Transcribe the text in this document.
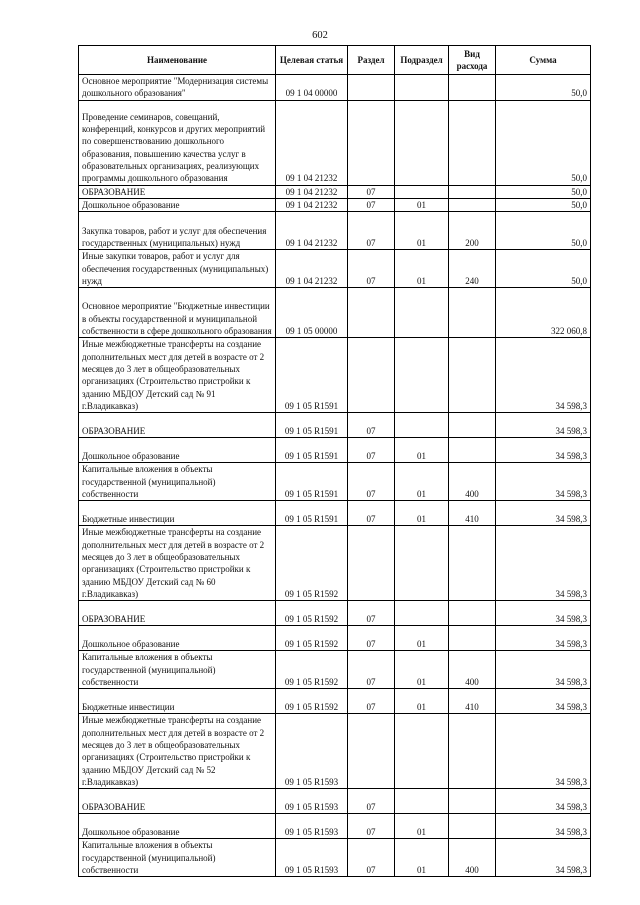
602
Наименование	Целевая статья	Раздел	Подраздел	Вид расхода	Сумма
Основное мероприятие "Модернизация системы дошкольного образования"	09 1 04 00000				50,0
Проведение семинаров, совещаний, конференций, конкурсов и других мероприятий по совершенствованию дошкольного образования, повышению качества услуг в образовательных организациях, реализующих программы дошкольного образования	09 1 04 21232				50,0
ОБРАЗОВАНИЕ	09 1 04 21232	07			50,0
Дошкольное образование	09 1 04 21232	07	01		50,0
Закупка товаров, работ и услуг для обеспечения государственных (муниципальных) нужд	09 1 04 21232	07	01	200	50,0
Иные закупки товаров, работ и услуг для обеспечения государственных (муниципальных) нужд	09 1 04 21232	07	01	240	50,0
Основное мероприятие "Бюджетные инвестиции в объекты государственной и муниципальной собственности в сфере дошкольного образования	09 1 05 00000				322 060,8
Иные межбюджетные трансферты на создание дополнительных мест для детей в возрасте от 2 месяцев до 3 лет в общеобразовательных организациях (Строительство пристройки к зданию МБДОУ Детский сад № 91 г.Владикавказ)	09 1 05 R1591				34 598,3
ОБРАЗОВАНИЕ	09 1 05 R1591	07			34 598,3
Дошкольное образование	09 1 05 R1591	07	01		34 598,3
Капитальные вложения в объекты государственной (муниципальной) собственности	09 1 05 R1591	07	01	400	34 598,3
Бюджетные инвестиции	09 1 05 R1591	07	01	410	34 598,3
Иные межбюджетные трансферты на создание дополнительных мест для детей в возрасте от 2 месяцев до 3 лет в общеобразовательных организациях (Строительство пристройки к зданию МБДОУ Детский сад № 60 г.Владикавказ)	09 1 05 R1592				34 598,3
ОБРАЗОВАНИЕ	09 1 05 R1592	07			34 598,3
Дошкольное образование	09 1 05 R1592	07	01		34 598,3
Капитальные вложения в объекты государственной (муниципальной) собственности	09 1 05 R1592	07	01	400	34 598,3
Бюджетные инвестиции	09 1 05 R1592	07	01	410	34 598,3
Иные межбюджетные трансферты на создание дополнительных мест для детей в возрасте от 2 месяцев до 3 лет в общеобразовательных организациях (Строительство пристройки к зданию МБДОУ Детский сад № 52 г.Владикавказ)	09 1 05 R1593				34 598,3
ОБРАЗОВАНИЕ	09 1 05 R1593	07			34 598,3
Дошкольное образование	09 1 05 R1593	07	01		34 598,3
Капитальные вложения в объекты государственной (муниципальной) собственности	09 1 05 R1593	07	01	400	34 598,3
